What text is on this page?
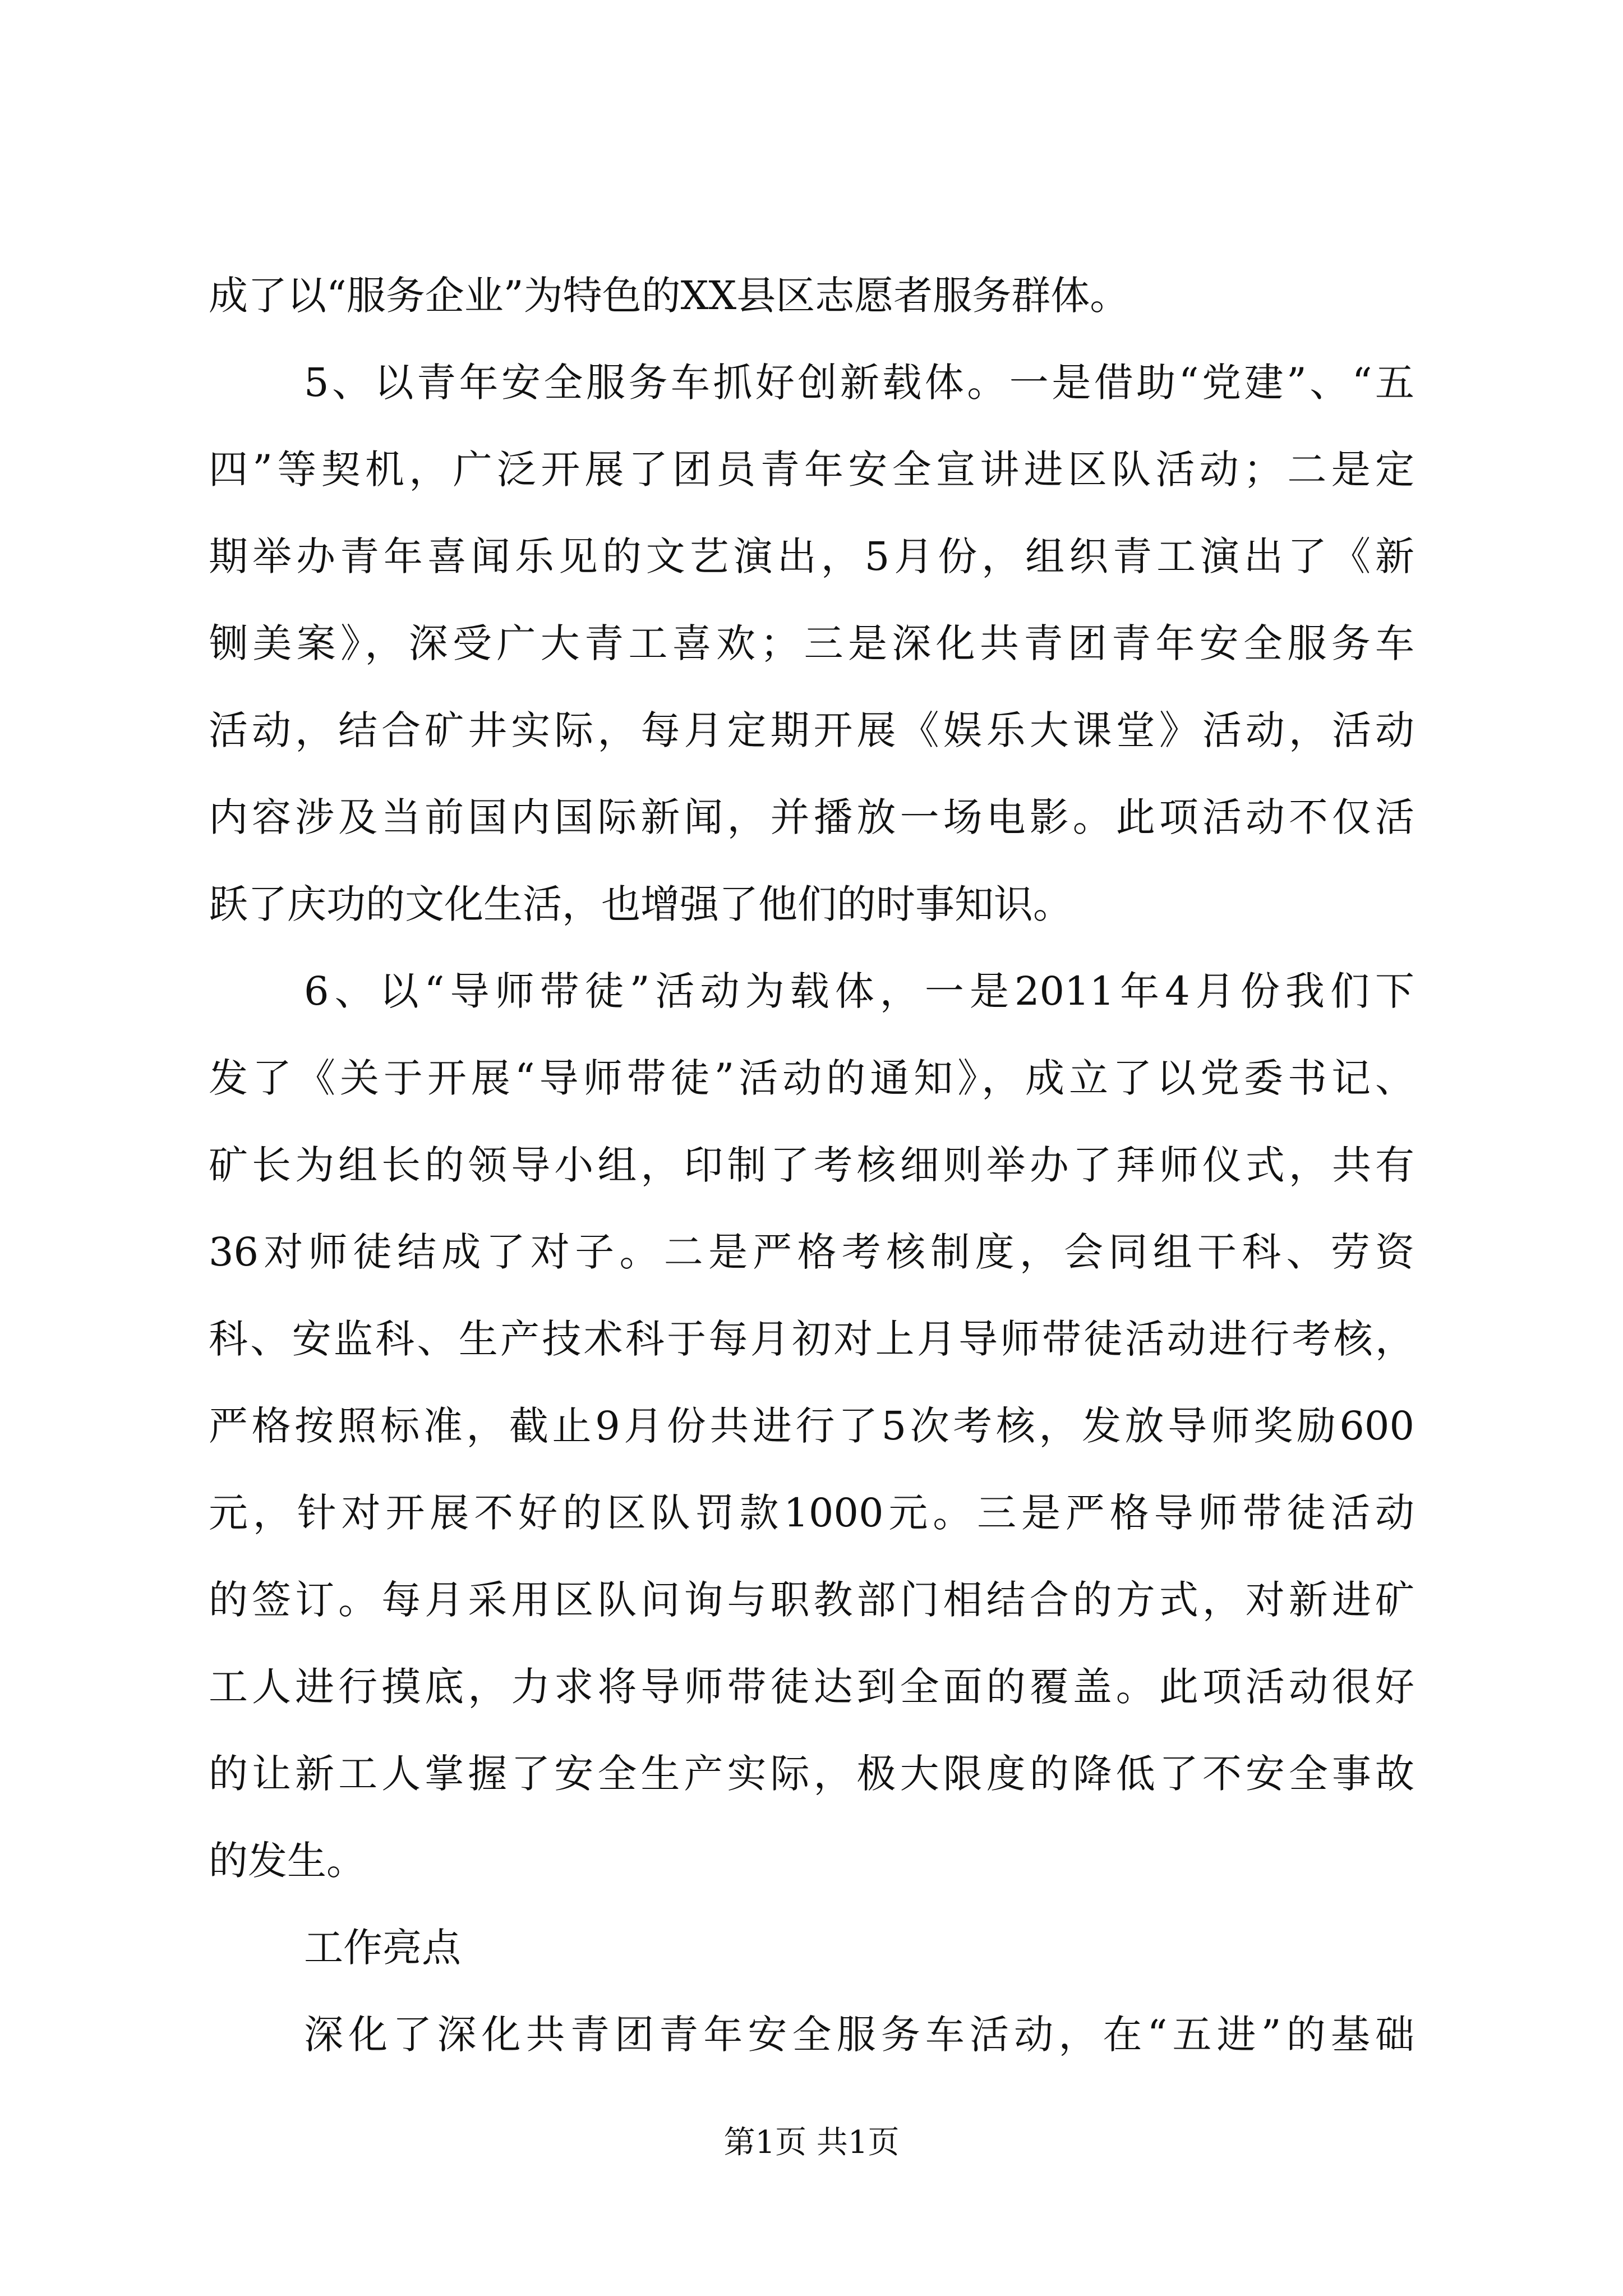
成了以“服务企业”为特色的XX县区志愿者服务群体。
5、以青年安全服务车抓好创新载体。一是借助“党建”、“五
四”等契机，广泛开展了团员青年安全宣讲进区队活动；二是定
期举办青年喜闻乐见的文艺演出，5月份，组织青工演出了《新
铡美案》，深受广大青工喜欢；三是深化共青团青年安全服务车
活动，结合矿井实际，每月定期开展《娱乐大课堂》活动，活动
内容涉及当前国内国际新闻，并播放一场电影。此项活动不仅活
跃了庆功的文化生活，也增强了他们的时事知识。
6、以“导师带徒”活动为载体，一是2011年4月份我们下
发了《关于开展“导师带徒”活动的通知》，成立了以党委书记、
矿长为组长的领导小组，印制了考核细则举办了拜师仪式，共有
36对师徒结成了对子。二是严格考核制度，会同组干科、劳资
科、安监科、生产技术科于每月初对上月导师带徒活动进行考核，
严格按照标准，截止9月份共进行了5次考核，发放导师奖励600
元，针对开展不好的区队罚款1000元。三是严格导师带徒活动
的签订。每月采用区队问询与职教部门相结合的方式，对新进矿
工人进行摸底，力求将导师带徒达到全面的覆盖。此项活动很好
的让新工人掌握了安全生产实际，极大限度的降低了不安全事故
的发生。
工作亮点
深化了深化共青团青年安全服务车活动，在“五进”的基础
第1页 共1页
